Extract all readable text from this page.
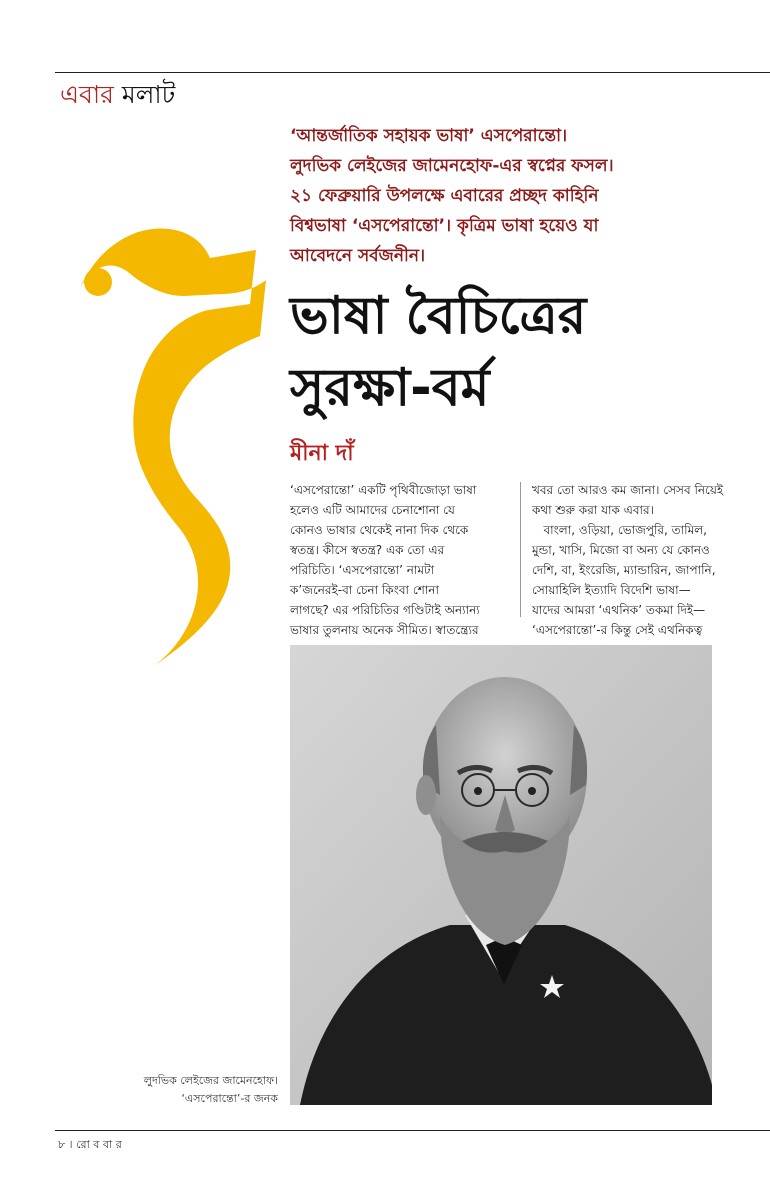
এবার মলাট
‘আন্তর্জাতিক সহায়ক ভাষা’ এসপেরান্তো।
লুদভিক লেইজের জামেনহোফ-এর স্বপ্নের ফসল।
২১ ফেব্রুয়ারি উপলক্ষে এবারের প্রচ্ছদ কাহিনি
বিশ্বভাষা ‘এসপেরান্তো’। কৃত্রিম ভাষা হয়েও যা
আবেদনে সর্বজনীন।
ভাষা বৈচিত্রের
সুরক্ষা-বর্ম
মীনা দাঁ
‘এসপেরান্তো’ একটি পৃথিবীজোড়া ভাষা
হলেও এটি আমাদের চেনাশোনা যে
কোনও ভাষার থেকেই নানা দিক থেকে
স্বতন্ত্র। কীসে স্বতন্ত্র? এক তো এর
পরিচিতি। ‘এসপেরান্তো’ নামটা
ক’জনেরই-বা চেনা কিংবা শোনা
লাগছে? এর পরিচিতির গণ্ডিটাই অন্যান্য
ভাষার তুলনায় অনেক সীমিত। স্বাতন্ত্র্যের
খবর তো আরও কম জানা। সেসব নিয়েই
কথা শুরু করা যাক এবার।
বাংলা, ওড়িয়া, ভোজপুরি, তামিল,
মুন্ডা, খাসি, মিজো বা অন্য যে কোনও
দেশি, বা, ইংরেজি, ম্যান্ডারিন, জাপানি,
সোয়াহিলি ইত্যাদি বিদেশি ভাষা—
যাদের আমরা ‘এথনিক’ তকমা দিই—
‘এসপেরান্তো’-র কিন্তু সেই এথনিকত্ব
লুদভিক লেইজের জামেনহোফ।
‘এসপেরান্তো’-র জনক
৮ । রো ব বা র
